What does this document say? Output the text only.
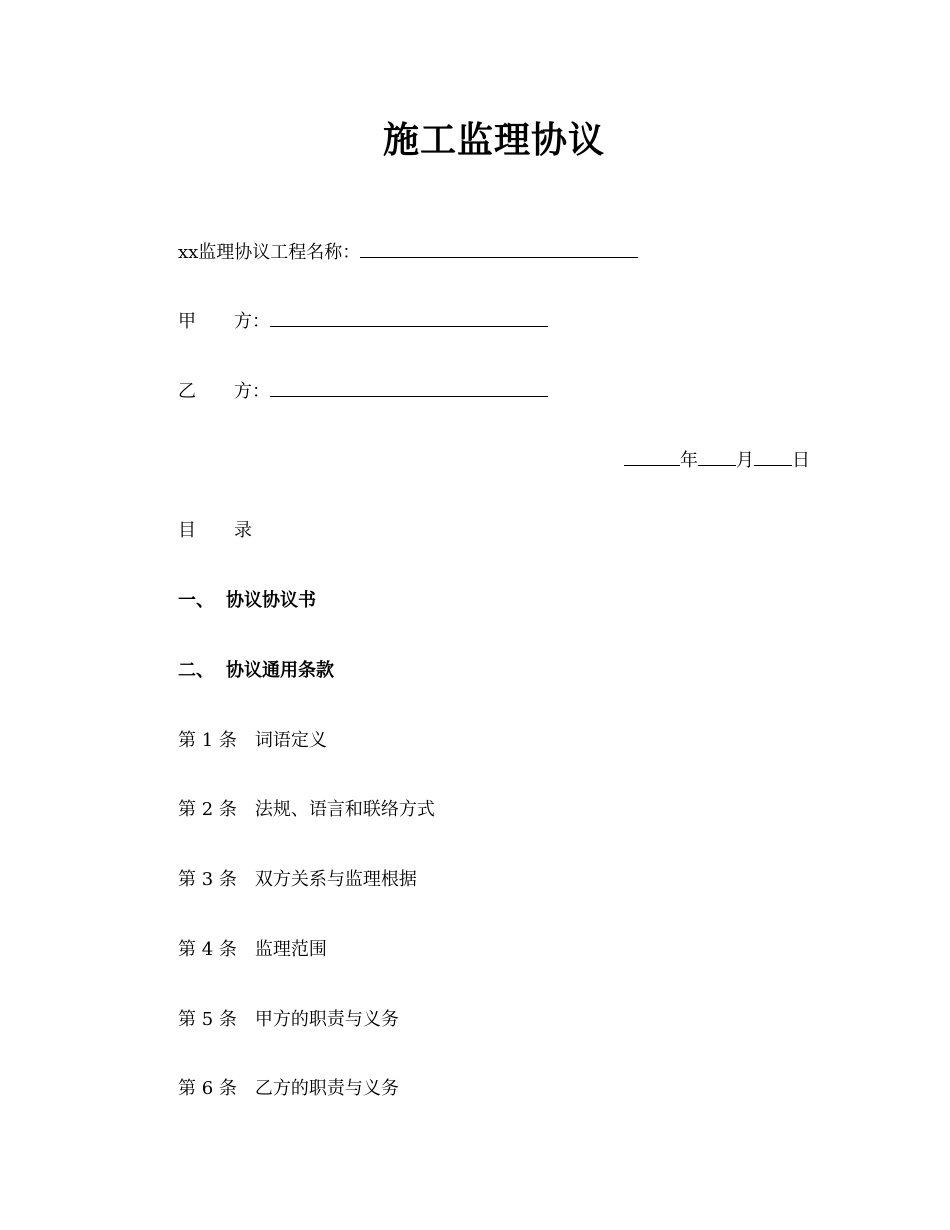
施工监理协议
xx监理协议工程名称：
甲 方：
乙 方：
年 月 日
目 录
一、 协议协议书
二、 协议通用条款
第 1 条 词语定义
第 2 条 法规、语言和联络方式
第 3 条 双方关系与监理根据
第 4 条 监理范围
第 5 条 甲方的职责与义务
第 6 条 乙方的职责与义务
